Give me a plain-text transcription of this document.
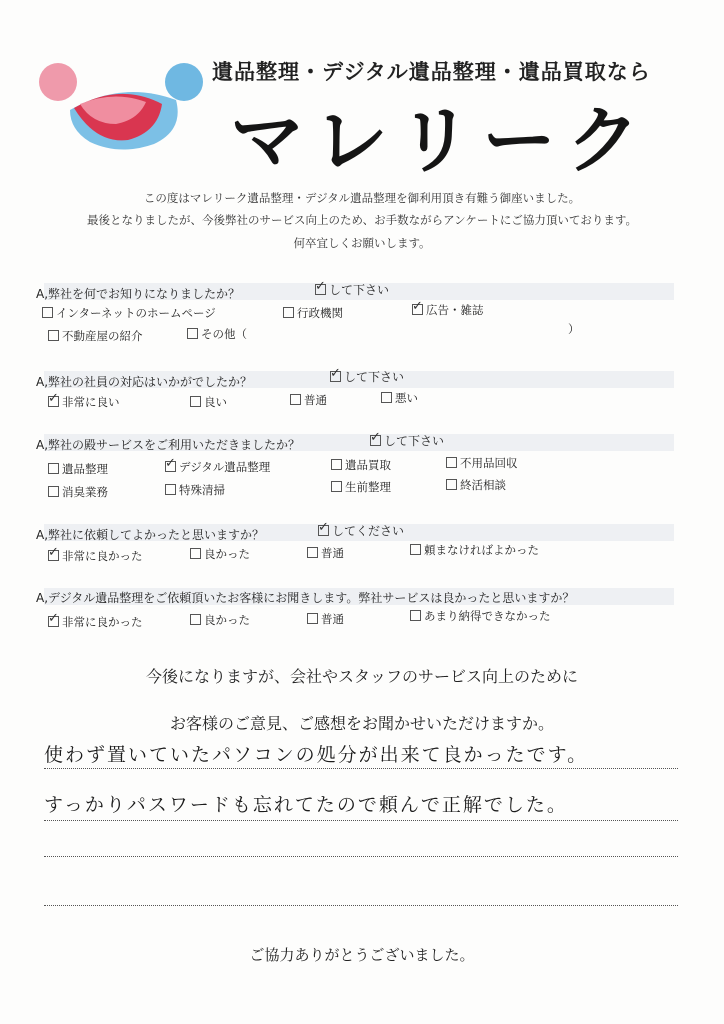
遺品整理・デジタル遺品整理・遺品買取なら
マレリーク
この度はマレリーク遺品整理・デジタル遺品整理を御利用頂き有難う御座いました。
最後となりましたが、今後弊社のサービス向上のため、お手数ながらアンケートにご協力頂いております。
何卒宜しくお願いします。
A,弊社を何でお知りになりましたか？ ✓	して下さい
インターネットのホームページ	行政機関 ✓	広告・雑誌
不動産屋の紹介	その他（	）
A,弊社の社員の対応はいかがでしたか？ ✓	して下さい
✓非常に良い	良い	普通	悪い
A,弊社の殿サービスをご利用いただきましたか？ ✓	して下さい
遺品整理 ✓	デジタル遺品整理	遺品買取	不用品回収
消臭業務	特殊清掃	生前整理	終活相談
A,弊社に依頼してよかったと思いますか？ ✓	してください
✓非常に良かった	良かった	普通	頼まなければよかった
A,デジタル遺品整理をご依頼頂いたお客様にお聞きします。弊社サービスは良かったと思いますか？
✓非常に良かった	良かった	普通	あまり納得できなかった
今後になりますが、会社やスタッフのサービス向上のために
お客様のご意見、ご感想をお聞かせいただけますか。
使わず置いていたパソコンの処分が出来て良かったです。
すっかりパスワードも忘れてたので頼んで正解でした。
ご協力ありがとうございました。
